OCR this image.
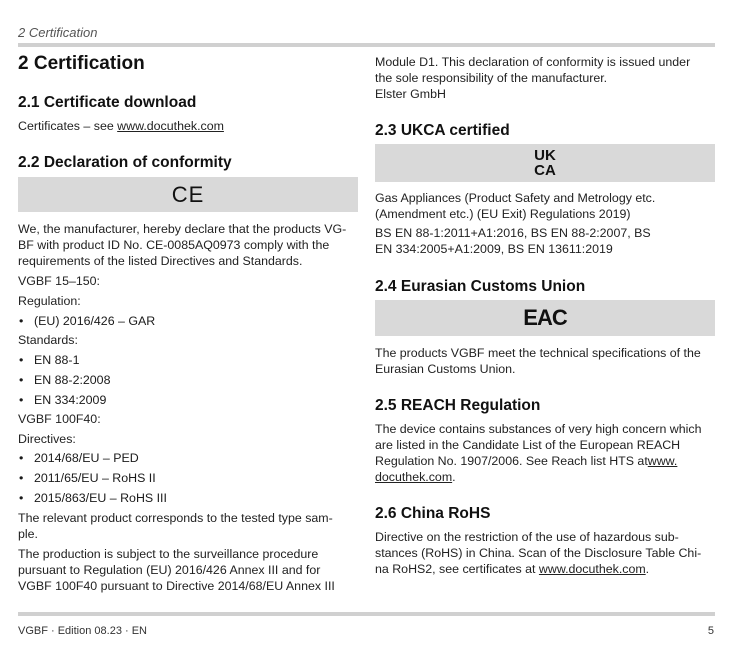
2 Certification
2 Certification
2.1 Certificate download

Certificates – see www.docuthek.com

2.2 Declaration of conformity
CE

We, the manufacturer, hereby declare that the products VG-

BF with product ID No. CE-0085AQ0973 comply with the

requirements of the listed Directives and Standards.

VGBF 15–150:

Regulation:

• (EU) 2016/426 – GAR

Standards:

• EN 88-1
• EN 88-2:2008
• EN 334:2009

VGBF 100F40:

Directives:

• 2014/68/EU – PED
• 2011/65/EU – RoHS II
• 2015/863/EU – RoHS III

The relevant product corresponds to the tested type sam-

ple.

The production is subject to the surveillance procedure

pursuant to Regulation (EU) 2016/426 Annex III and for

VGBF 100F40 pursuant to Directive 2014/68/EU Annex III

Module D1. This declaration of conformity is issued under

the sole responsibility of the manufacturer.

Elster GmbH

2.3 UKCA certified
UK
CA

Gas Appliances (Product Safety and Metrology etc.

(Amendment etc.) (EU Exit) Regulations 2019)

BS EN 88-1:2011+A1:2016, BS EN 88-2:2007, BS

EN 334:2005+A1:2009, BS EN 13611:2019

2.4 Eurasian Customs Union
EAC

The products VGBF meet the technical specifications of the

Eurasian Customs Union.

2.5 REACH Regulation

The device contains substances of very high concern which

are listed in the Candidate List of the European REACH

Regulation No. 1907/2006. See Reach list HTS atwww.

docuthek.com.

2.6 China RoHS

Directive on the restriction of the use of hazardous sub-

stances (RoHS) in China. Scan of the Disclosure Table Chi-

na RoHS2, see certificates at www.docuthek.com.

VGBF · Edition 08.23 · EN	5
